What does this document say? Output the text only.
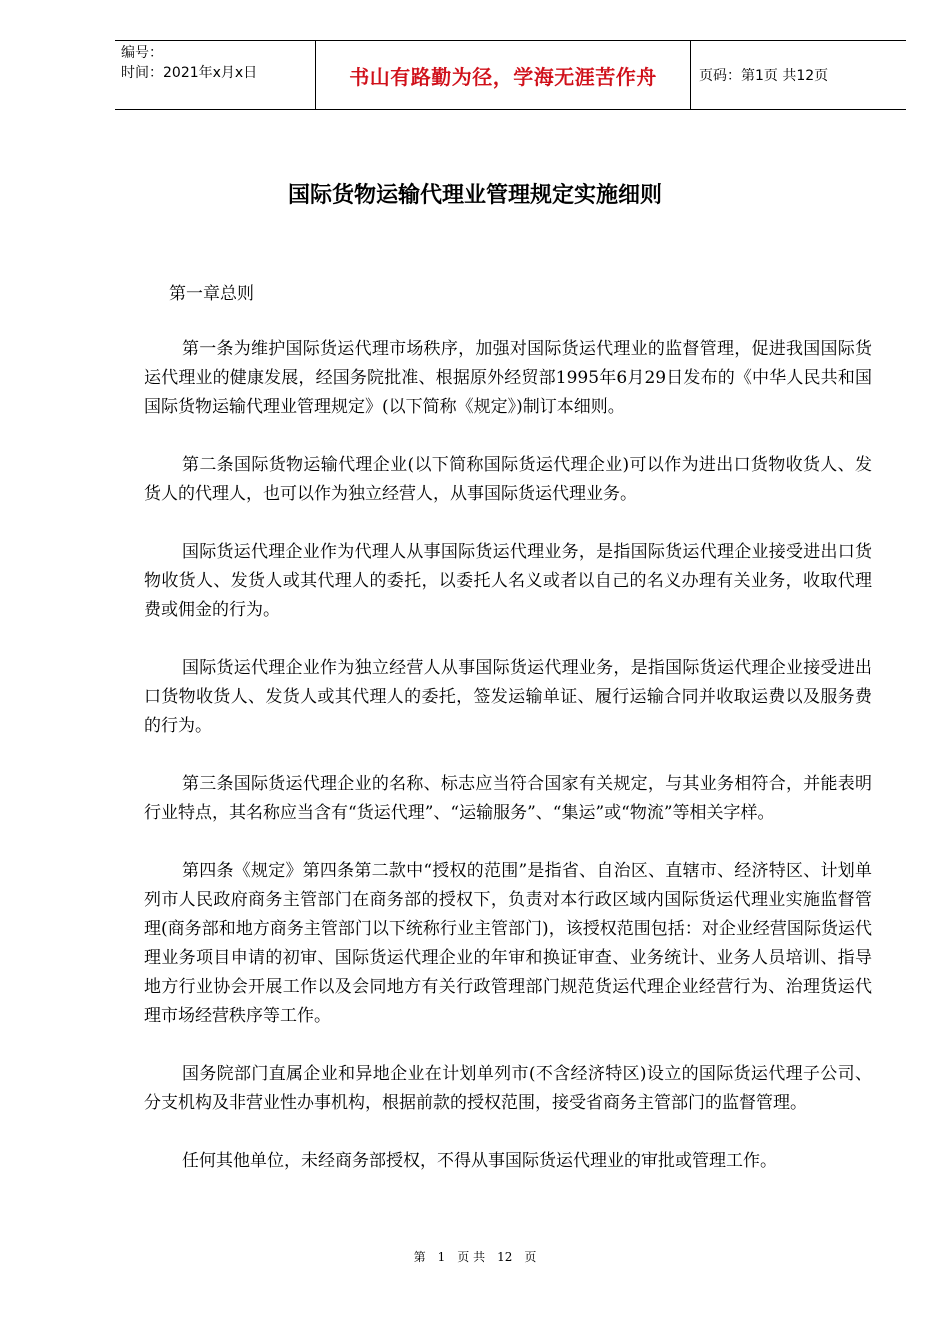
编号：
时间：2021年x月x日	书山有路勤为径，学海无涯苦作舟	页码：第1页 共12页
国际货物运输代理业管理规定实施细则

第一章总则

第一条为维护国际货运代理市场秩序，加强对国际货运代理业的监督管理，促进我国国际货运代理业的健康发展，经国务院批准、根据原外经贸部1995年6月29日发布的《中华人民共和国国际货物运输代理业管理规定》(以下简称《规定》)制订本细则。

第二条国际货物运输代理企业(以下简称国际货运代理企业)可以作为进出口货物收货人、发货人的代理人，也可以作为独立经营人，从事国际货运代理业务。

国际货运代理企业作为代理人从事国际货运代理业务，是指国际货运代理企业接受进出口货物收货人、发货人或其代理人的委托，以委托人名义或者以自己的名义办理有关业务，收取代理费或佣金的行为。

国际货运代理企业作为独立经营人从事国际货运代理业务，是指国际货运代理企业接受进出口货物收货人、发货人或其代理人的委托，签发运输单证、履行运输合同并收取运费以及服务费的行为。

第三条国际货运代理企业的名称、标志应当符合国家有关规定，与其业务相符合，并能表明行业特点，其名称应当含有“货运代理”、“运输服务”、“集运”或“物流”等相关字样。

第四条《规定》第四条第二款中“授权的范围”是指省、自治区、直辖市、经济特区、计划单列市人民政府商务主管部门在商务部的授权下，负责对本行政区域内国际货运代理业实施监督管理(商务部和地方商务主管部门以下统称行业主管部门)，该授权范围包括：对企业经营国际货运代理业务项目申请的初审、国际货运代理企业的年审和换证审查、业务统计、业务人员培训、指导地方行业协会开展工作以及会同地方有关行政管理部门规范货运代理企业经营行为、治理货运代理市场经营秩序等工作。

国务院部门直属企业和异地企业在计划单列市(不含经济特区)设立的国际货运代理子公司、分支机构及非营业性办事机构，根据前款的授权范围，接受省商务主管部门的监督管理。

任何其他单位，未经商务部授权，不得从事国际货运代理业的审批或管理工作。

第 1 页 共 12 页
